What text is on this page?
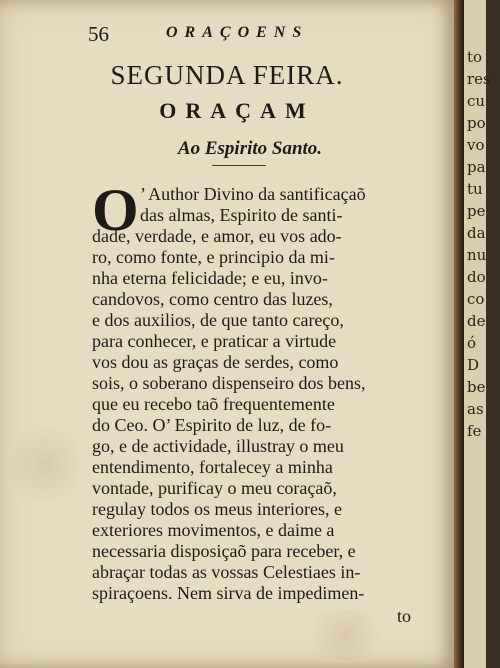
56	ORAÇOENS
SEGUNDA FEIRA.
ORAÇAM
Ao Espirito Santo.
O ’ Author Divino da santificaçaõ
das almas, Espirito de santi-
dade, verdade, e amor, eu vos ado-
ro, como fonte, e principio da mi-
nha eterna felicidade; e eu, invo-
candovos, como centro das luzes,
e dos auxilios, de que tanto careço,
para conhecer, e praticar a virtude
vos dou as graças de serdes, como
sois, o soberano dispenseiro dos bens,
que eu recebo taõ frequentemente
do Ceo. O’ Espirito de luz, de fo-
go, e de actividade, illustray o meu
entendimento, fortalecey a minha
vontade, purificay o meu coraçaõ,
regulay todos os meus interiores, e
exteriores movimentos, e daime a
necessaria disposiçaõ para receber, e
abraçar todas as vossas Celestiaes in-
spiraçoens. Nem sirva de impedimen-
to
to
res
cu
po
vo
pa
tu
pe
da
nu
do
co
de
ó
D
be
as
fe
